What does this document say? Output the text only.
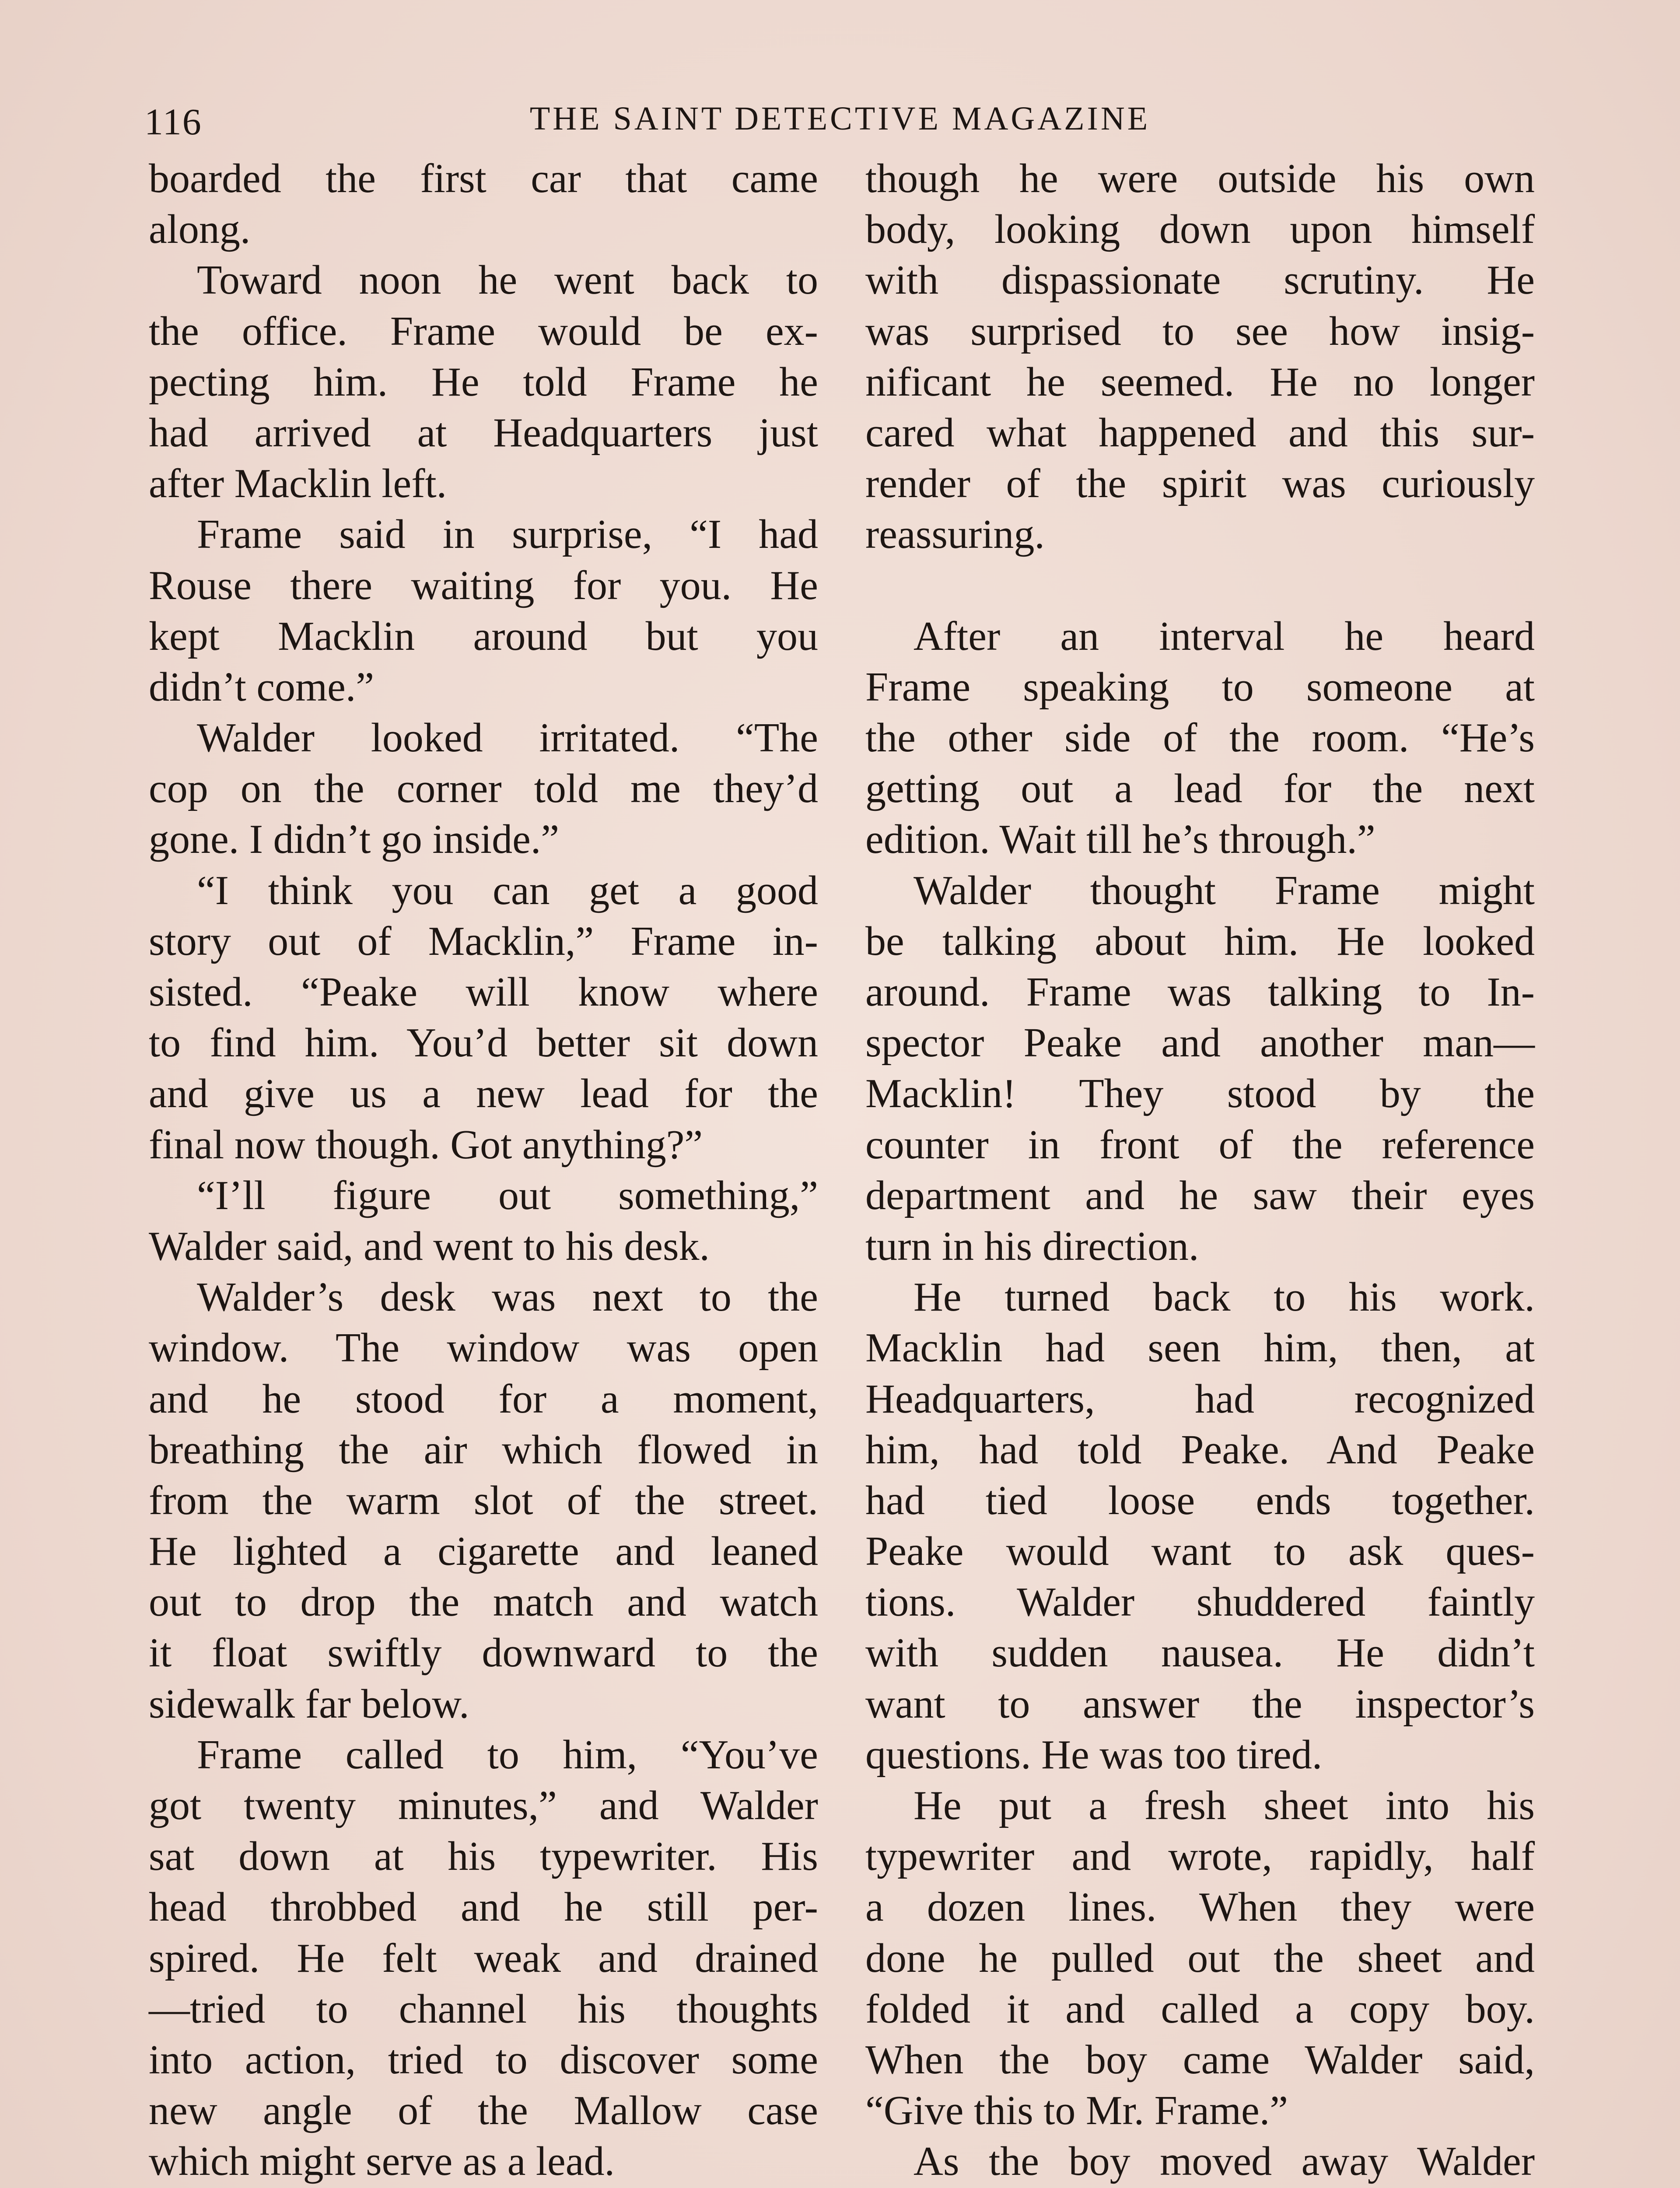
116	THE SAINT DETECTIVE MAGAZINE
boarded the first car that came
along.
Toward noon he went back to
the office. Frame would be ex-
pecting him. He told Frame he
had arrived at Headquarters just
after Macklin left.
Frame said in surprise, “I had
Rouse there waiting for you. He
kept Macklin around but you
didn’t come.”
Walder looked irritated. “The
cop on the corner told me they’d
gone. I didn’t go inside.”
“I think you can get a good
story out of Macklin,” Frame in-
sisted. “Peake will know where
to find him. You’d better sit down
and give us a new lead for the
final now though. Got anything?”
“I’ll figure out something,”
Walder said, and went to his desk.
Walder’s desk was next to the
window. The window was open
and he stood for a moment,
breathing the air which flowed in
from the warm slot of the street.
He lighted a cigarette and leaned
out to drop the match and watch
it float swiftly downward to the
sidewalk far below.
Frame called to him, “You’ve
got twenty minutes,” and Walder
sat down at his typewriter. His
head throbbed and he still per-
spired. He felt weak and drained
—tried to channel his thoughts
into action, tried to discover some
new angle of the Mallow case
which might serve as a lead.
though he were outside his own
body, looking down upon himself
with dispassionate scrutiny. He
was surprised to see how insig-
nificant he seemed. He no longer
cared what happened and this sur-
render of the spirit was curiously
reassuring.
After an interval he heard
Frame speaking to someone at
the other side of the room. “He’s
getting out a lead for the next
edition. Wait till he’s through.”
Walder thought Frame might
be talking about him. He looked
around. Frame was talking to In-
spector Peake and another man—
Macklin! They stood by the
counter in front of the reference
department and he saw their eyes
turn in his direction.
He turned back to his work.
Macklin had seen him, then, at
Headquarters, had recognized
him, had told Peake. And Peake
had tied loose ends together.
Peake would want to ask ques-
tions. Walder shuddered faintly
with sudden nausea. He didn’t
want to answer the inspector’s
questions. He was too tired.
He put a fresh sheet into his
typewriter and wrote, rapidly, half
a dozen lines. When they were
done he pulled out the sheet and
folded it and called a copy boy.
When the boy came Walder said,
“Give this to Mr. Frame.”
As the boy moved away Walder
